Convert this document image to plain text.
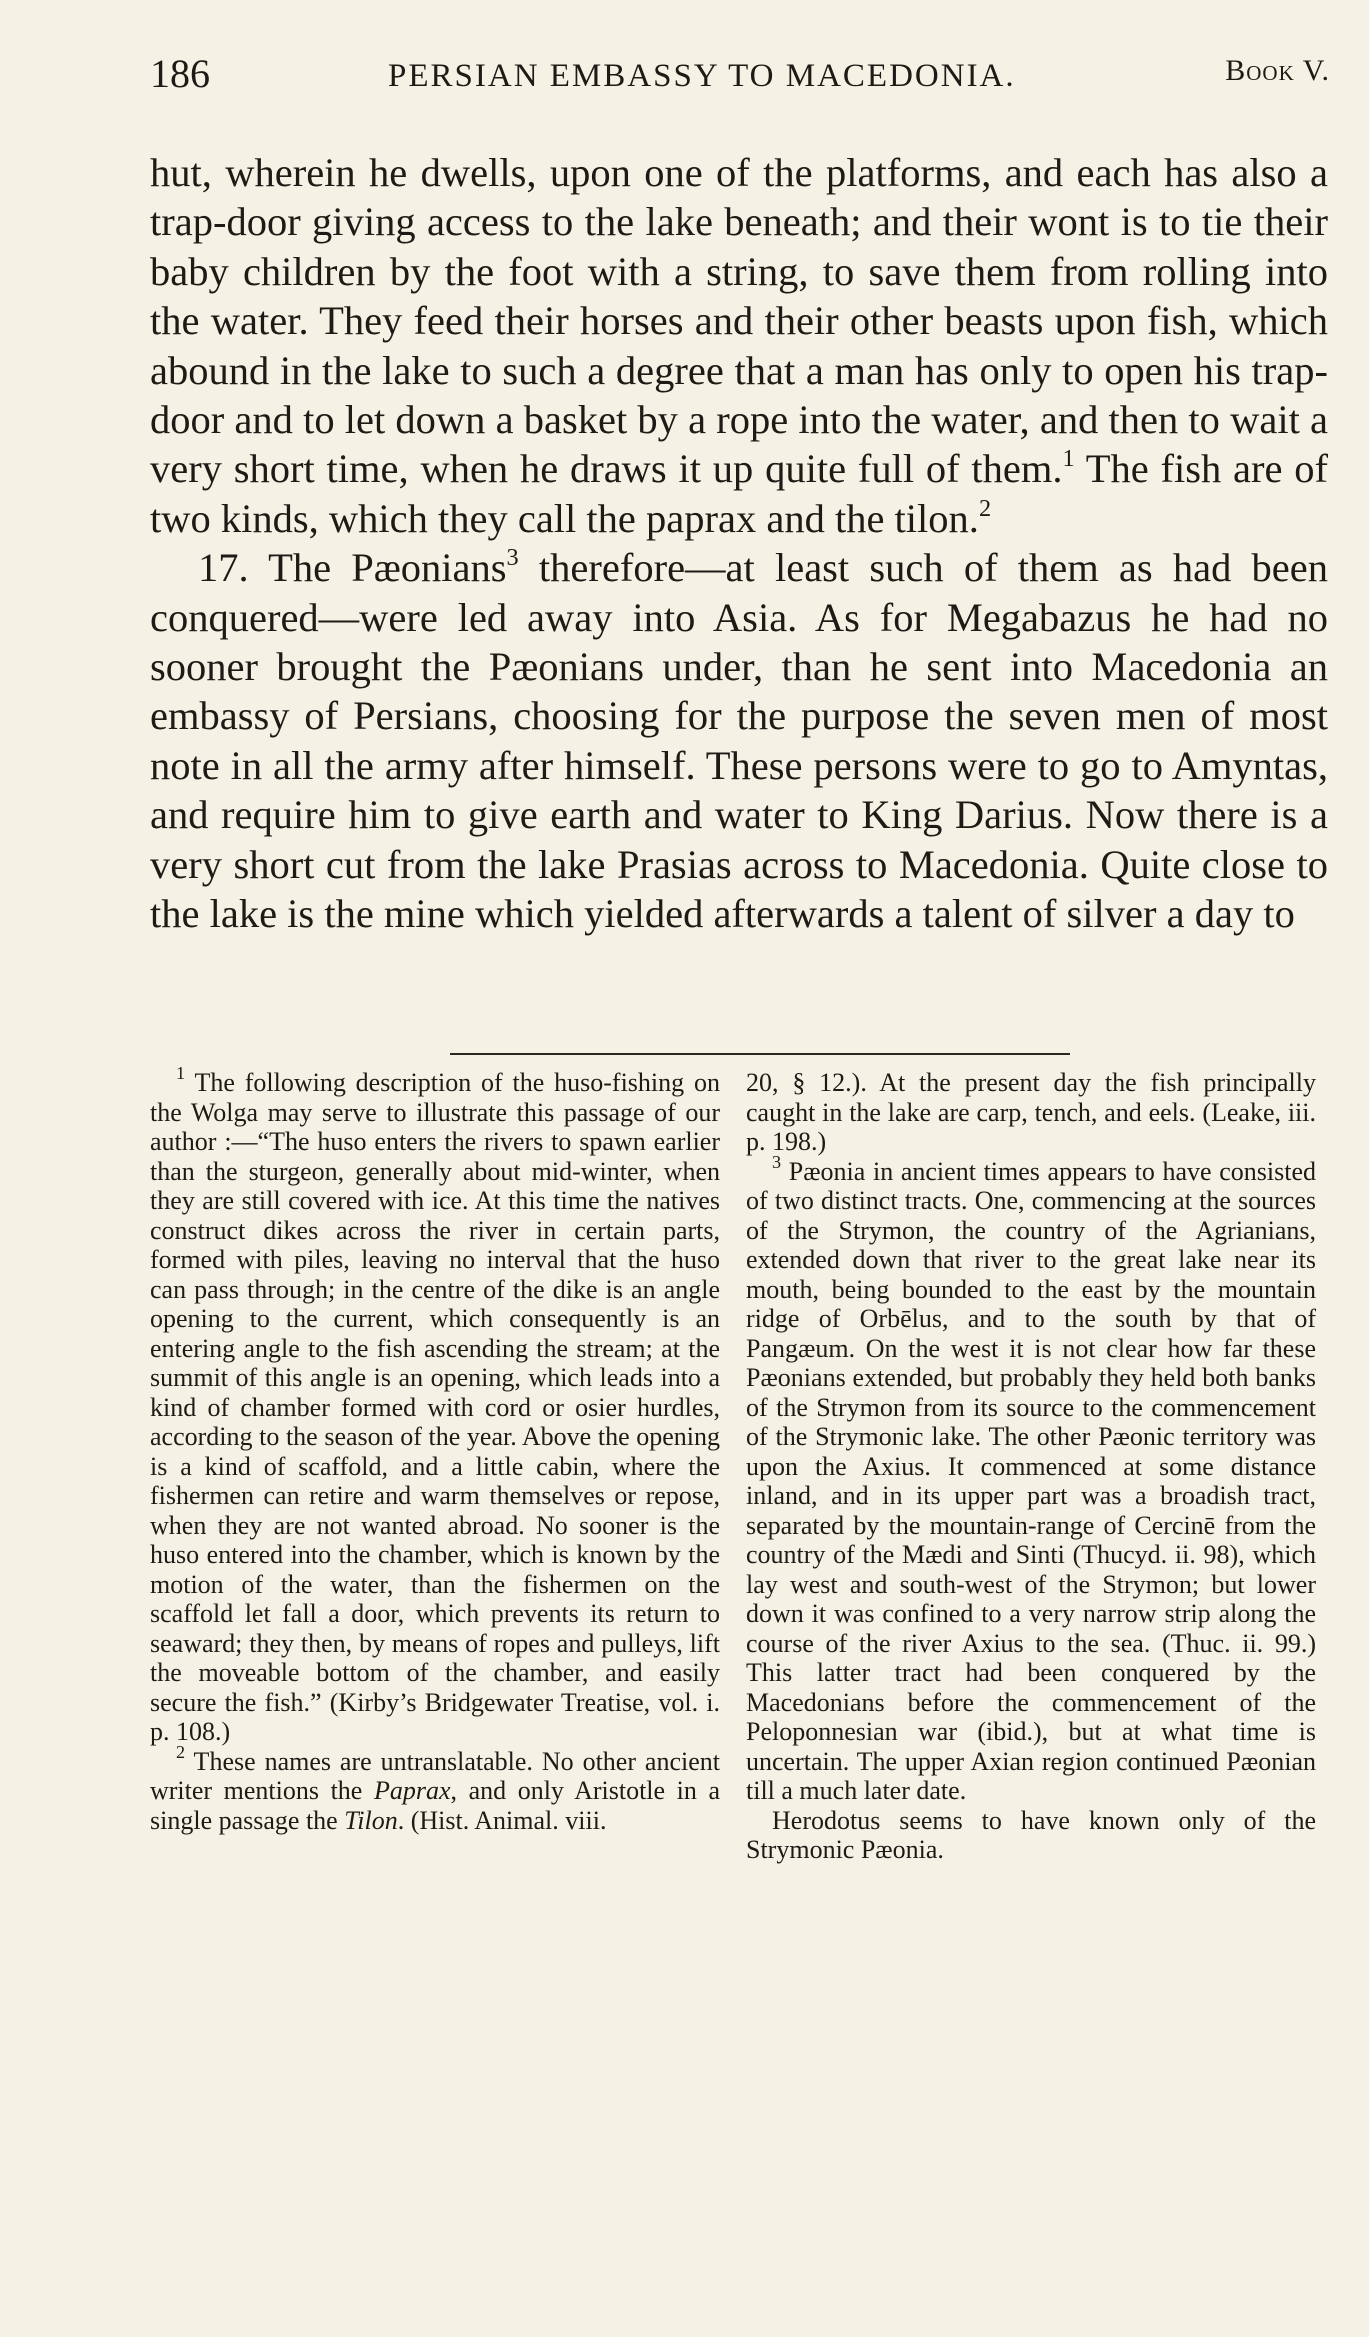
186	PERSIAN EMBASSY TO MACEDONIA.	Book V.

hut, wherein he dwells, upon one of the platforms, and each has also a trap-door giving access to the lake beneath; and their wont is to tie their baby children by the foot with a string, to save them from rolling into the water. They feed their horses and their other beasts upon fish, which abound in the lake to such a degree that a man has only to open his trap-door and to let down a basket by a rope into the water, and then to wait a very short time, when he draws it up quite full of them.$^1$ The fish are of two kinds, which they call the paprax and the tilon.$^2$

17. The Pæonians$^3$ therefore—at least such of them as had been conquered—were led away into Asia. As for Megabazus he had no sooner brought the Pæonians under, than he sent into Macedonia an embassy of Persians, choosing for the purpose the seven men of most note in all the army after himself. These persons were to go to Amyntas, and require him to give earth and water to King Darius. Now there is a very short cut from the lake Prasias across to Macedonia. Quite close to the lake is the mine which yielded afterwards a talent of silver a day to

$^1$ The following description of the huso-fishing on the Wolga may serve to illustrate this passage of our author :—“The huso enters the rivers to spawn earlier than the sturgeon, generally about mid-winter, when they are still covered with ice. At this time the natives construct dikes across the river in certain parts, formed with piles, leaving no interval that the huso can pass through; in the centre of the dike is an angle opening to the current, which consequently is an entering angle to the fish ascending the stream; at the summit of this angle is an opening, which leads into a kind of chamber formed with cord or osier hurdles, according to the season of the year. Above the opening is a kind of scaffold, and a little cabin, where the fishermen can retire and warm themselves or repose, when they are not wanted abroad. No sooner is the huso entered into the chamber, which is known by the motion of the water, than the fishermen on the scaffold let fall a door, which prevents its return to seaward; they then, by means of ropes and pulleys, lift the moveable bottom of the chamber, and easily secure the fish.” (Kirby’s Bridgewater Treatise, vol. i. p. 108.)

$^2$ These names are untranslatable. No other ancient writer mentions the Paprax, and only Aristotle in a single passage the Tilon. (Hist. Animal. viii.

20, § 12.). At the present day the fish principally caught in the lake are carp, tench, and eels. (Leake, iii. p. 198.)

$^3$ Pæonia in ancient times appears to have consisted of two distinct tracts. One, commencing at the sources of the Strymon, the country of the Agrianians, extended down that river to the great lake near its mouth, being bounded to the east by the mountain ridge of Orbēlus, and to the south by that of Pangæum. On the west it is not clear how far these Pæonians extended, but probably they held both banks of the Strymon from its source to the commencement of the Strymonic lake. The other Pæonic territory was upon the Axius. It commenced at some distance inland, and in its upper part was a broadish tract, separated by the mountain-range of Cercinē from the country of the Mædi and Sinti (Thucyd. ii. 98), which lay west and south-west of the Strymon; but lower down it was confined to a very narrow strip along the course of the river Axius to the sea. (Thuc. ii. 99.) This latter tract had been conquered by the Macedonians before the commencement of the Peloponnesian war (ibid.), but at what time is uncertain. The upper Axian region continued Pæonian till a much later date.

Herodotus seems to have known only of the Strymonic Pæonia.
